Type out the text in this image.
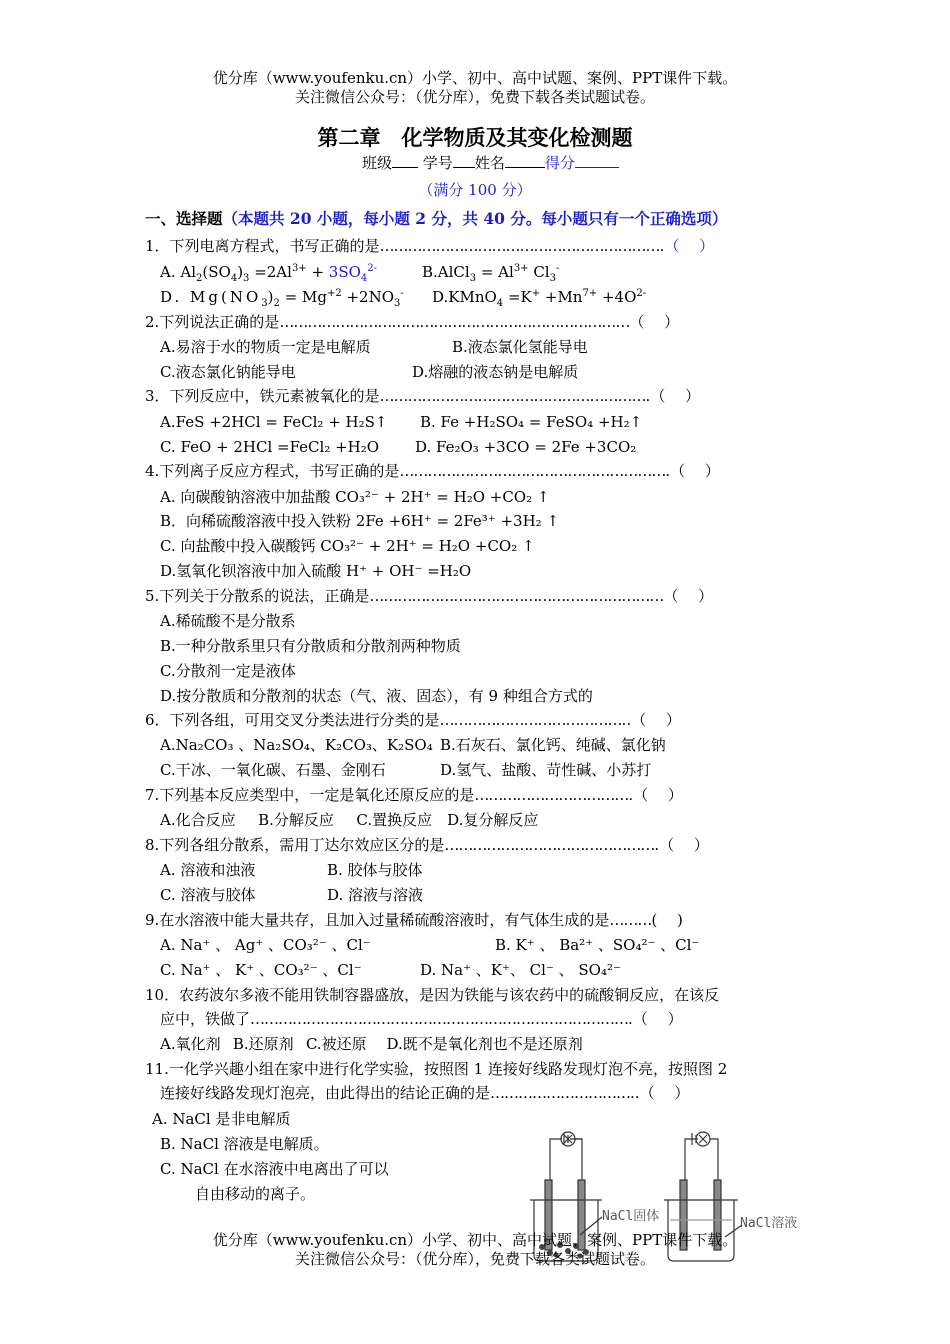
优分库（www.youfenku.cn）小学、初中、高中试题、案例、PPT课件下载。
关注微信公众号：（优分库），免费下载各类试题试卷。
第二章　化学物质及其变化检测题
班级 学号 姓名	得分
（满分 100 分）
一、选择题（本题共 20 小题，每小题 2 分，共 40 分。每小题只有一个正确选项）
1．下列电离方程式，书写正确的是…………………………………………………….（　 ）
A. $Al_2(SO_4)_3 =2Al^{3+} + 3SO_4^{2-}$	B.AlCl$_3$ = $Al^{3+}$ $Cl_3^-$
D. $Mg(NO_3)_2 = Mg^{+2} +2NO_3^-$ D.KMnO$_4$ $=K^+ +Mn^{7+} +4O^{2-}$
2.下列说法正确的是…………………………………………………………………（　 ）
A.易溶于水的物质一定是电解质	B.液态氯化氢能导电
C.液态氯化钠能导电	D.熔融的液态钠是电解质
3．下列反应中，铁元素被氧化的是………………………………………………….（　 ）
A.FeS +2HCl = FeCl₂ + H₂S↑ B. Fe +H₂SO₄ = FeSO₄ +H₂↑
C. FeO + 2HCl =FeCl₂ +H₂O D. Fe₂O₃ +3CO = 2Fe +3CO₂
4.下列离子反应方程式，书写正确的是………………………………………………….（　 ）
A. 向碳酸钠溶液中加盐酸 CO₃²⁻ + 2H⁺ = H₂O +CO₂ ↑
B．向稀硫酸溶液中投入铁粉 2Fe +6H⁺ = 2Fe³⁺ +3H₂ ↑
C. 向盐酸中投入碳酸钙 CO₃²⁻ + 2H⁺ = H₂O +CO₂ ↑
D.氢氧化钡溶液中加入硫酸 H⁺ + OH⁻ =H₂O
5.下列关于分散系的说法，正确是………………………………………………………（　 ）
A.稀硫酸不是分散系
B.一种分散系里只有分散质和分散剂两种物质
C.分散剂一定是液体
D.按分散质和分散剂的状态（气、液、固态），有 9 种组合方式的
6．下列各组，可用交叉分类法进行分类的是…………………………………..（　 ）
A.Na₂CO₃ 、Na₂SO₄、K₂CO₃、K₂SO₄ B.石灰石、氯化钙、纯碱、氯化钠
C.干冰、一氧化碳、石墨、金刚石	D.氢气、盐酸、苛性碱、小苏打
7.下列基本反应类型中，一定是氧化还原反应的是…………………………….（　 ）
A.化合反应   B.分解反应   C.置换反应  D.复分解反应
8.下列各组分散系，需用丁达尔效应区分的是……………………………………….（　 ）
A. 溶液和浊液	B. 胶体与胶体
C. 溶液与胶体	D. 溶液与溶液
9.在水溶液中能大量共存，且加入过量稀硫酸溶液时，有气体生成的是………(　 )
A. Na⁺ 、 Ag⁺ 、CO₃²⁻ 、Cl⁻	B. K⁺ 、 Ba²⁺ 、SO₄²⁻ 、Cl⁻
C. Na⁺ 、 K⁺ 、CO₃²⁻ 、Cl⁻	D. Na⁺ 、K⁺、 Cl⁻ 、 SO₄²⁻
10．农药波尔多液不能用铁制容器盛放，是因为铁能与该农药中的硫酸铜反应，在该反
应中，铁做了……………………………………………………………………….（　 ）
A.氧化剂  B.还原剂  C.被还原  D.既不是氧化剂也不是还原剂
11.一化学兴趣小组在家中进行化学实验，按照图 1 连接好线路发现灯泡不亮，按照图 2
连接好线路发现灯泡亮，由此得出的结论正确的是…………………………..（　 ）
A. NaCl 是非电解质
B. NaCl 溶液是电解质。
C. NaCl 在水溶液中电离出了可以
自由移动的离子。
NaCl固体	NaCl溶液
优分库（www.youfenku.cn）小学、初中、高中试题、案例、PPT课件下载。
关注微信公众号：（优分库），免费下载各类试题试卷。
